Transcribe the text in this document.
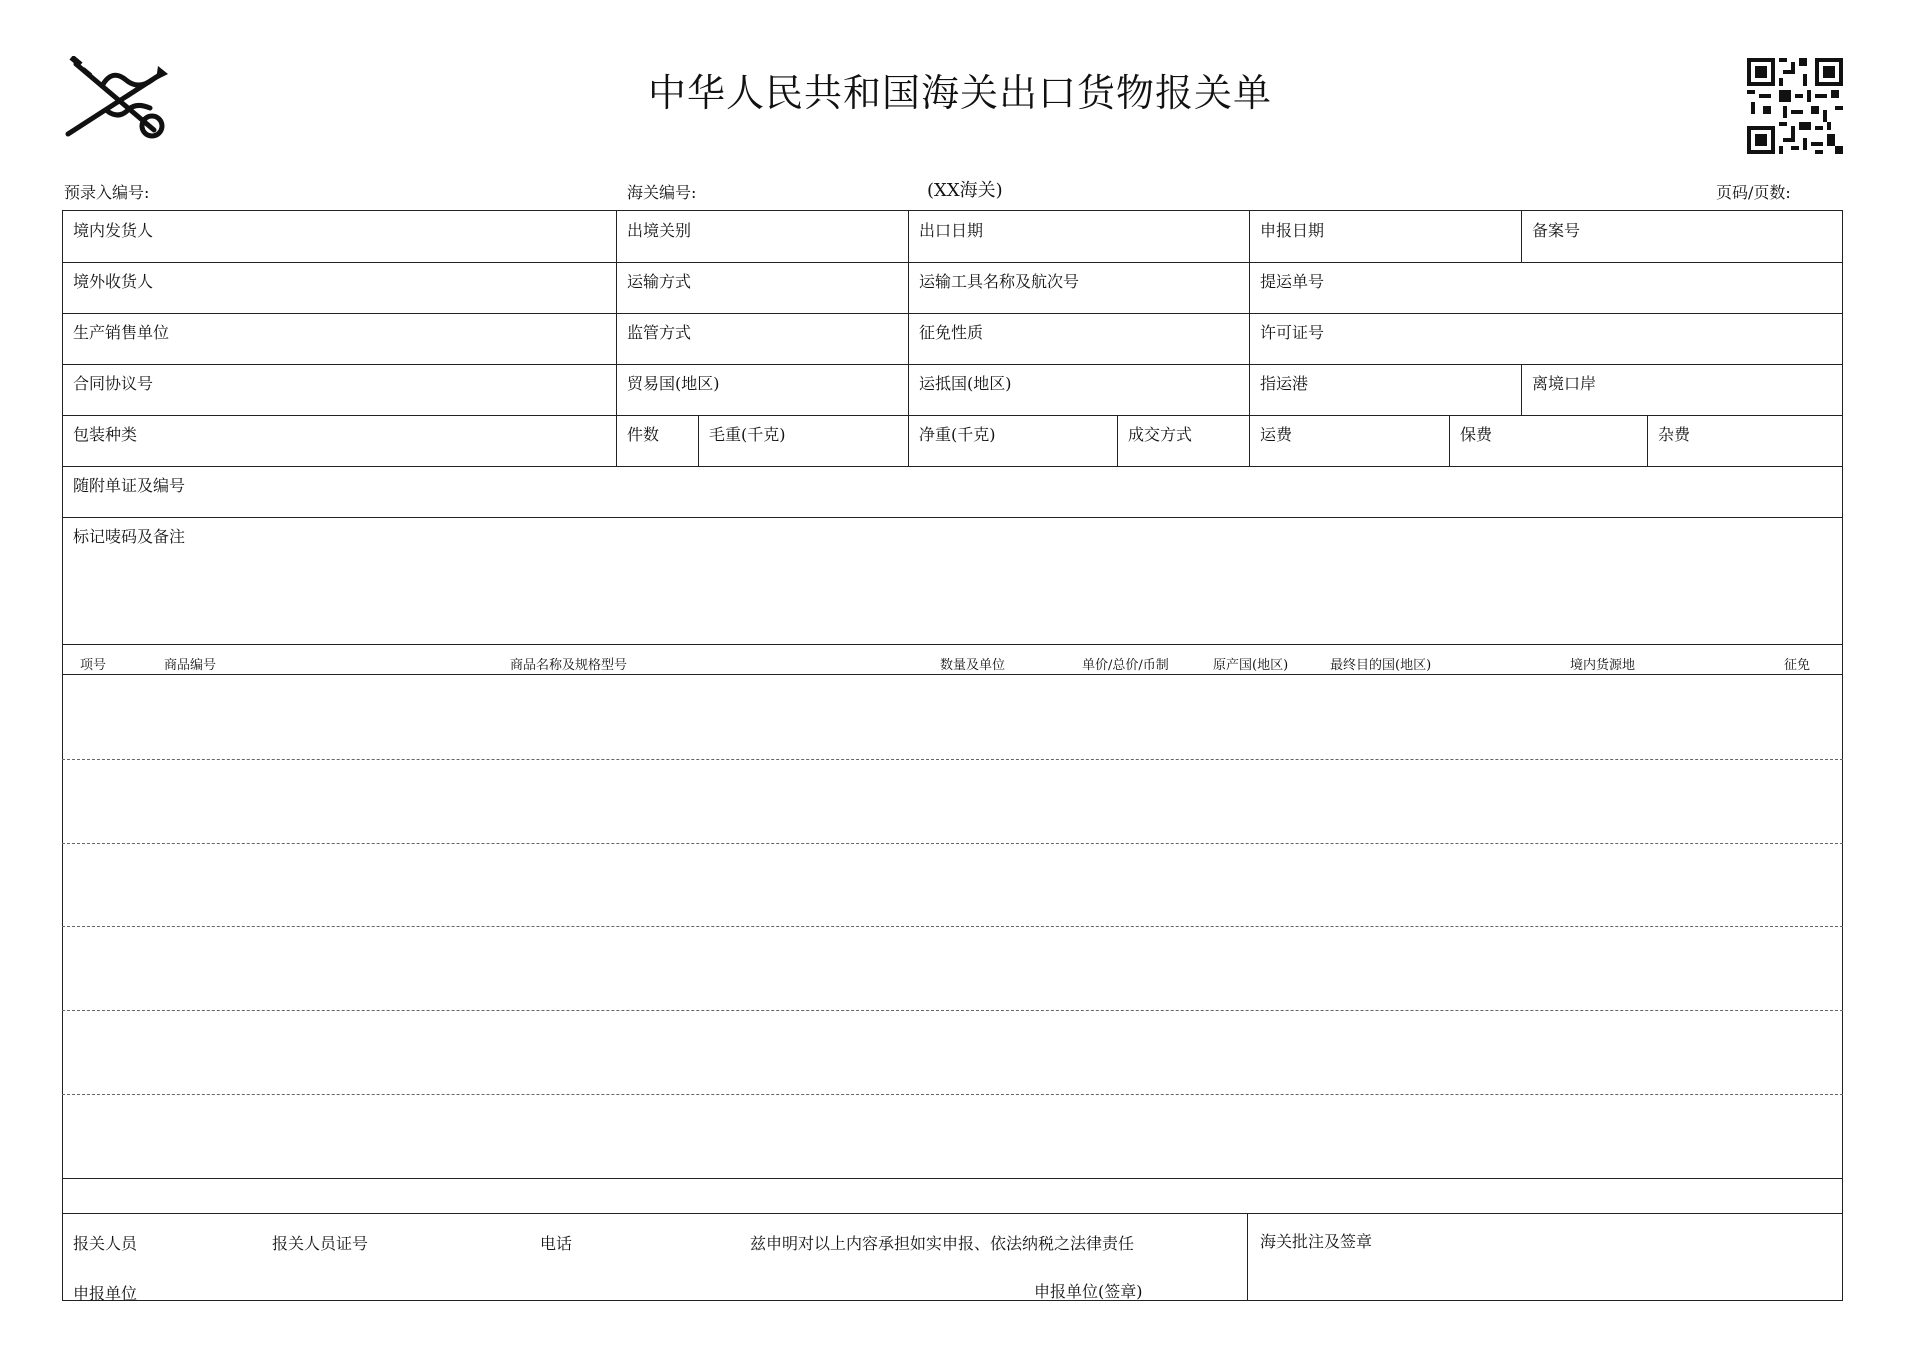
中华人民共和国海关出口货物报关单
预录入编号:	海关编号:	(XX海关)	页码/页数:
境内发货人	出境关别	出口日期	申报日期	备案号
境外收货人	运输方式	运输工具名称及航次号	提运单号
生产销售单位	监管方式	征免性质	许可证号
合同协议号	贸易国(地区)	运抵国(地区)	指运港	离境口岸
包装种类	件数	毛重(千克)	净重(千克)	成交方式	运费	保费	杂费
随附单证及编号
标记唛码及备注
项号	商品编号	商品名称及规格型号	数量及单位	单价/总价/币制	原产国(地区)	最终目的国(地区)	境内货源地	征免
报关人员	报关人员证号	电话	兹申明对以上内容承担如实申报、依法纳税之法律责任	海关批注及签章
申报单位	申报单位(签章)
